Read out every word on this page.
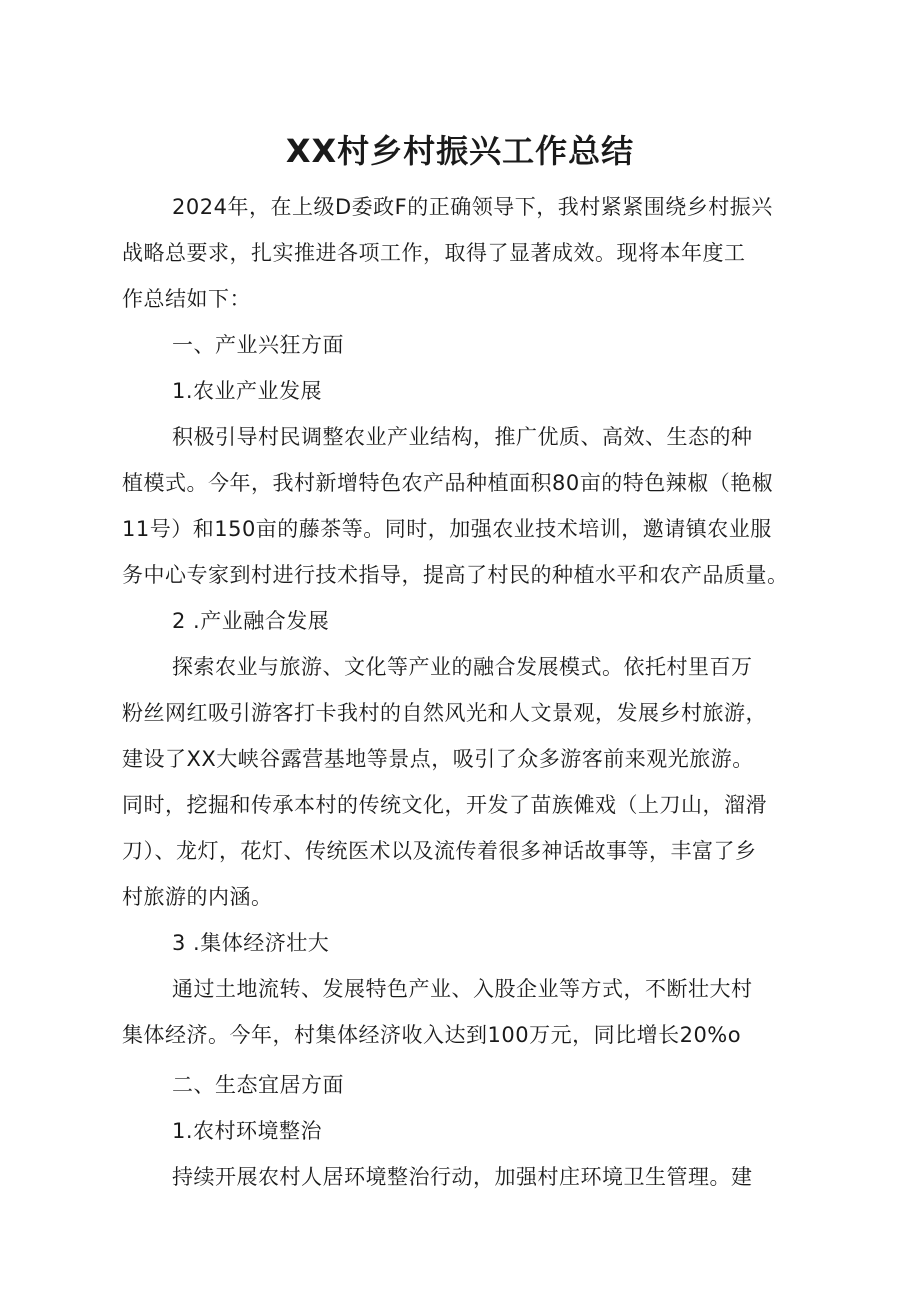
XX村乡村振兴工作总结
2024年，在上级D委政F的正确领导下，我村紧紧围绕乡村振兴
战略总要求，扎实推进各项工作，取得了显著成效。现将本年度工
作总结如下：
一、产业兴狂方面
1.农业产业发展
积极引导村民调整农业产业结构，推广优质、高效、生态的种
植模式。今年，我村新增特色农产品种植面积80亩的特色辣椒（艳椒
11号）和150亩的藤茶等。同时，加强农业技术培训，邀请镇农业服
务中心专家到村进行技术指导，提高了村民的种植水平和农产品质量。
2 .产业融合发展
探索农业与旅游、文化等产业的融合发展模式。依托村里百万
粉丝网红吸引游客打卡我村的自然风光和人文景观，发展乡村旅游，
建设了XX大峡谷露营基地等景点，吸引了众多游客前来观光旅游。
同时，挖掘和传承本村的传统文化，开发了苗族傩戏（上刀山，溜滑
刀）、龙灯，花灯、传统医术以及流传着很多神话故事等，丰富了乡
村旅游的内涵。
3 .集体经济壮大
通过土地流转、发展特色产业、入股企业等方式，不断壮大村
集体经济。今年，村集体经济收入达到100万元，同比增长20%o
二、生态宜居方面
1.农村环境整治
持续开展农村人居环境整治行动，加强村庄环境卫生管理。建
